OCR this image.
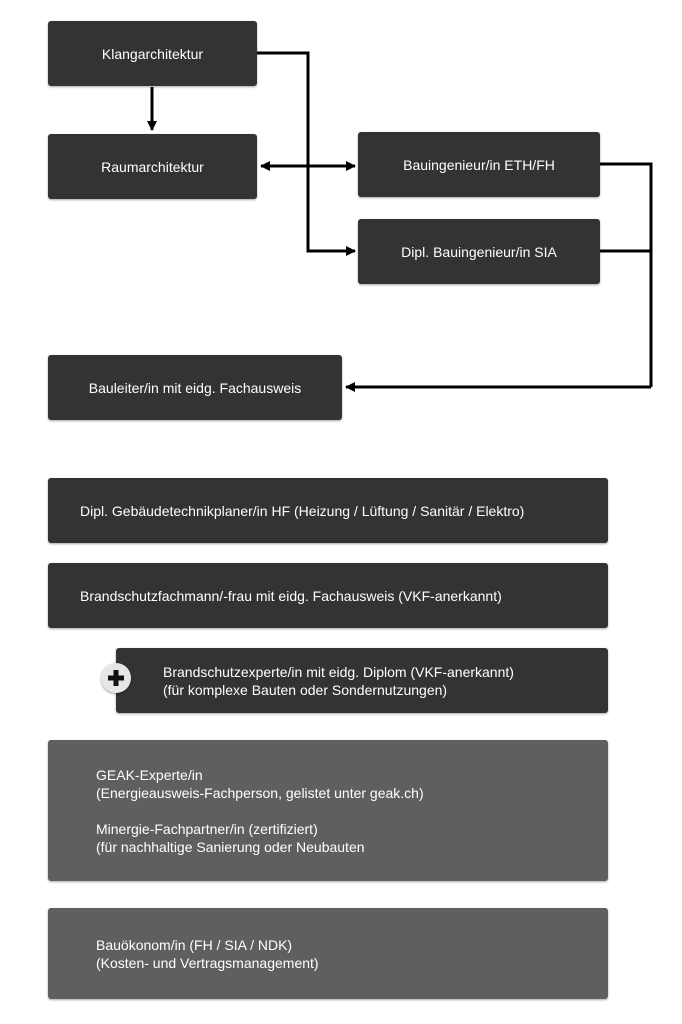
Klangarchitektur
Raumarchitektur	Bauingenieur/in ETH/FH
Dipl. Bauingenieur/in SIA
Bauleiter/in mit eidg. Fachausweis
Dipl. Gebäudetechnikplaner/in HF (Heizung / Lüftung / Sanitär / Elektro)
Brandschutzfachmann/-frau mit eidg. Fachausweis (VKF-anerkannt)
Brandschutzexperte/in mit eidg. Diplom (VKF-anerkannt)
(für komplexe Bauten oder Sondernutzungen)
GEAK-Experte/in
(Energieausweis-Fachperson, gelistet unter geak.ch)
Minergie-Fachpartner/in (zertifiziert)
(für nachhaltige Sanierung oder Neubauten
Bauökonom/in (FH / SIA / NDK)
(Kosten- und Vertragsmanagement)
